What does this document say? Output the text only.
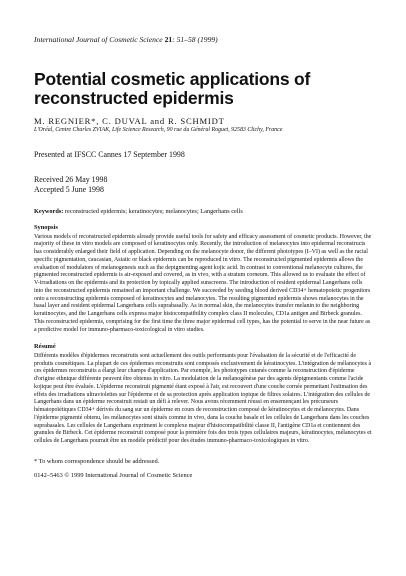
International Journal of Cosmetic Science 21: 51–58 (1999)

Potential cosmetic applications of
reconstructed epidermis

M. REGNIER*, C. DUVAL and R. SCHMIDT

L'Oréal, Centre Charles ZVIAK, Life Science Research, 90 rue du Général Roguet, 92583 Clichy, France

Presented at IFSCC Cannes 17 September 1998

Received 26 May 1998
Accepted 5 June 1998

Keywords: reconstructed epidermis; keratinocytes; melanocytes; Langerhans cells

Synopsis

Various models of reconstructed epidermis already provide useful tools for safety and efficacy assessment of cosmetic products. However, the majority of these in vitro models are composed of keratinocytes only. Recently, the introduction of melanocytes into epidermal reconstructs has considerably enlarged their field of application. Depending on the melanocyte donor, the different phototypes (I–VI) as well as the racial specific pigmentation, caucasian, Asiatic or black epidermis can be reproduced in vitro. The reconstructed pigmented epidermis allows the evaluation of modulators of melanogenesis such as the depigmenting agent kojic acid. In contrast to conventional melanocyte cultures, the pigmented reconstructed epidermis is air-exposed and covered, as in vivo, with a stratum corneum. This allowed us to evaluate the effect of V-irradiations on the epidermis and its protection by topically applied sunscreens. The introduction of resident epidermal Langerhans cells into the reconstructed epidermis remained an important challenge. We succeeded by seeding blood derived CD34+ hematopoietic progenitors onto a reconstructing epidermis composed of keratinocytes and melanocytes. The resulting pigmented epidermis shows melanocytes in the basal layer and resident epidermal Langerhans cells suprabasally. As in normal skin, the melanocytes transfer melanin to the neighboring keratinocytes, and the Langerhans cells express major histocompatibility complex class II molecules, CD1a antigen and Birbeck granules. This reconstructed epidermis, comprising for the first time the three major epidermal cell types, has the potential to serve in the near future as a predictive model for immuno-pharmaco-toxicological in vitro studies.

Résumé

Différents modèles d'épidermes reconstruits sont actuellement des outils performants pour l'évaluation de la sécurité et de l'efficacité de produits cosmétiques. La plupart de ces épidermes reconstruits sont composés exclusivement de kératinocytes. L'intégration de mélanocytes à ces épidermes reconstruits a élargi leur champs d'application. Par exemple, les phototypes cutanés comme la reconstruction d'épiderme d'origine ethnique différente peuvent être obtenus in vitro. La modulation de la mélanogénèse par des agents dépigmentants comme l'acide kojique peut être évaluée. L'épiderme reconstruit pigmenté étant exposé à l'air, est recouvert d'une couche cornée permettant l'estimation des effets des irradiations ultraviolettes sur l'épiderme et de sa protection après application topique de filtres solaires. L'intégration des cellules de Langerhans dans un épiderme reconstruit restait un défi à relever. Nous avons récemment réussi en ensemençant les précurseurs hématopoïétiques CD34+ dérivés du sang sur un épiderme en cours de reconstruction composé de kératinocytes et de mélanocytes. Dans l'épiderme pigmenté obtenu, les mélanocytes sont situés comme in vivo, dans la couche basale et les cellules de Langerhans dans les couches suprabasales. Les cellules de Langerhans expriment le complexe majeur d'histocompatibilité classe II, l'antigène CD1a et contiennent des granules de Birbeck. Cet épiderme reconstruit composé pour la première fois des trois types cellulaires majeurs, kératinocytes, mélanocytes et cellules de Langerhans pourrait être un modèle prédictif pour des études immuno-pharmaco-toxicologiques in vitro.

* To whom correspondence should be addressed.

0142–5463 © 1999 International Journal of Cosmetic Science
